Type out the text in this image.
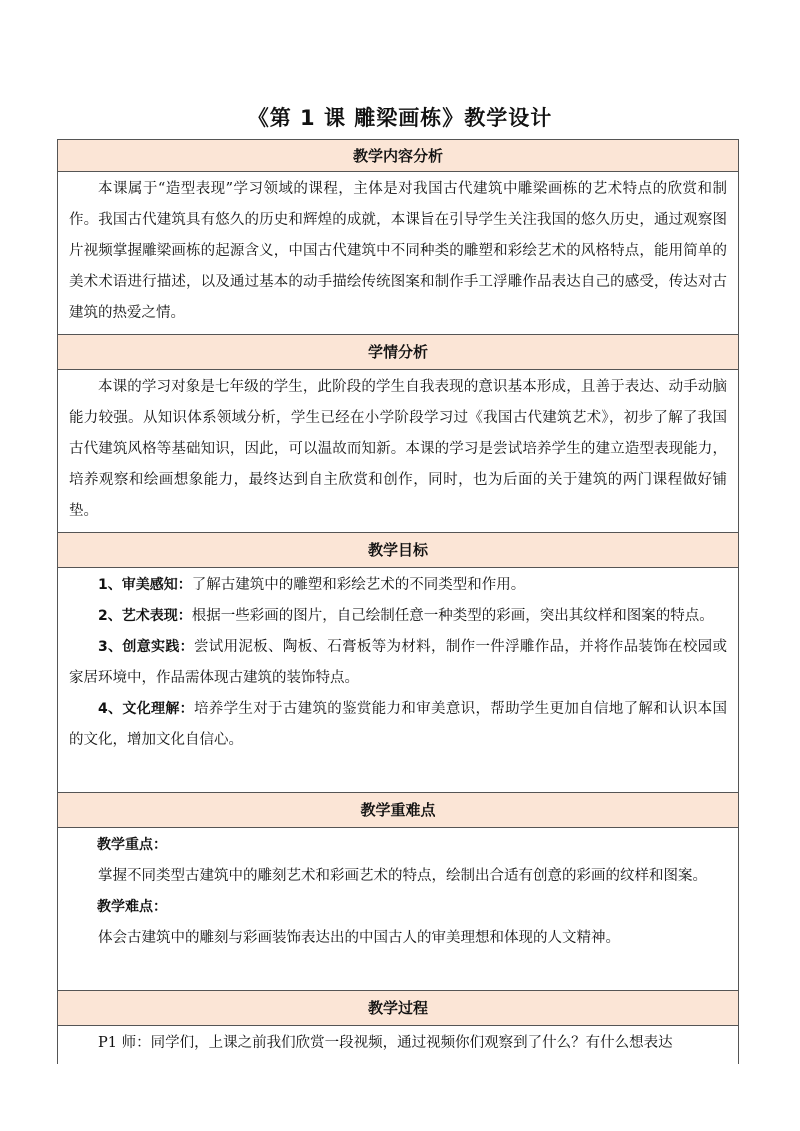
《第 1 课 雕梁画栋》教学设计
教学内容分析

本课属于“造型表现”学习领域的课程，主体是对我国古代建筑中雕梁画栋的艺术特点的欣赏和制作。我国古代建筑具有悠久的历史和辉煌的成就，本课旨在引导学生关注我国的悠久历史，通过观察图片视频掌握雕梁画栋的起源含义，中国古代建筑中不同种类的雕塑和彩绘艺术的风格特点，能用简单的美术术语进行描述，以及通过基本的动手描绘传统图案和制作手工浮雕作品表达自己的感受，传达对古建筑的热爱之情。

学情分析

本课的学习对象是七年级的学生，此阶段的学生自我表现的意识基本形成，且善于表达、动手动脑能力较强。从知识体系领域分析，学生已经在小学阶段学习过《我国古代建筑艺术》，初步了解了我国古代建筑风格等基础知识，因此，可以温故而知新。本课的学习是尝试培养学生的建立造型表现能力，培养观察和绘画想象能力，最终达到自主欣赏和创作，同时，也为后面的关于建筑的两门课程做好铺垫。

教学目标

1、审美感知：了解古建筑中的雕塑和彩绘艺术的不同类型和作用。

2、艺术表现：根据一些彩画的图片，自己绘制任意一种类型的彩画，突出其纹样和图案的特点。

3、创意实践：尝试用泥板、陶板、石膏板等为材料，制作一件浮雕作品，并将作品装饰在校园或家居环境中，作品需体现古建筑的装饰特点。

4、文化理解：培养学生对于古建筑的鉴赏能力和审美意识，帮助学生更加自信地了解和认识本国的文化，增加文化自信心。

教学重难点

教学重点：

掌握不同类型古建筑中的雕刻艺术和彩画艺术的特点，绘制出合适有创意的彩画的纹样和图案。

教学难点：

体会古建筑中的雕刻与彩画装饰表达出的中国古人的审美理想和体现的人文精神。

教学过程

P1 师：同学们，上课之前我们欣赏一段视频，通过视频你们观察到了什么？有什么想表达
